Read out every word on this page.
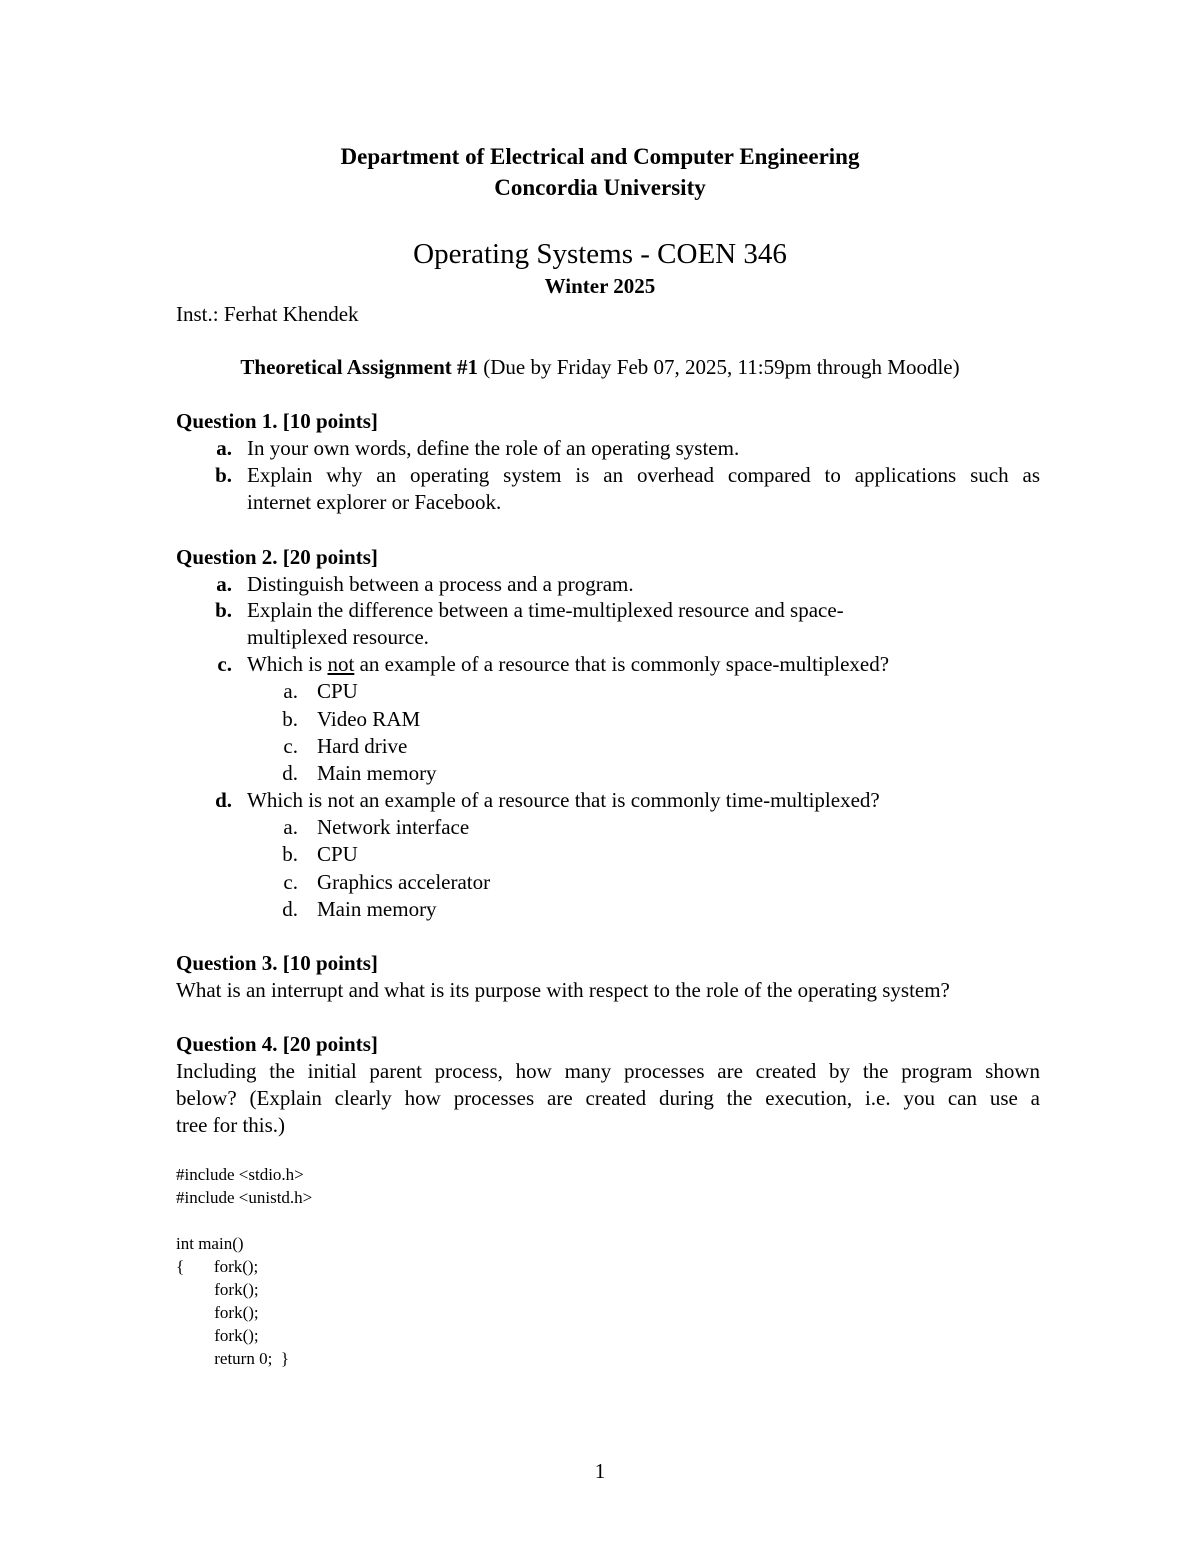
Department of Electrical and Computer Engineering
Concordia University
Operating Systems - COEN 346
Winter 2025
Inst.: Ferhat Khendek
Theoretical Assignment #1 (Due by Friday Feb 07, 2025, 11:59pm through Moodle)
Question 1. [10 points]
a. In your own words, define the role of an operating system.
b. Explain why an operating system is an overhead compared to applications such as
internet explorer or Facebook.
Question 2. [20 points]
a. Distinguish between a process and a program.
b. Explain the difference between a time-multiplexed resource and space-
multiplexed resource.
c. Which is not an example of a resource that is commonly space-multiplexed?
a. CPU
b. Video RAM
c. Hard drive
d. Main memory
d. Which is not an example of a resource that is commonly time-multiplexed?
a. Network interface
b. CPU
c. Graphics accelerator
d. Main memory
Question 3. [10 points]
What is an interrupt and what is its purpose with respect to the role of the operating system?
Question 4. [20 points]
Including the initial parent process, how many processes are created by the program shown
below? (Explain clearly how processes are created during the execution, i.e. you can use a
tree for this.)
#include <stdio.h>
#include <unistd.h>
int main()
{       fork();
fork();
fork();
fork();
return 0;  }
1
